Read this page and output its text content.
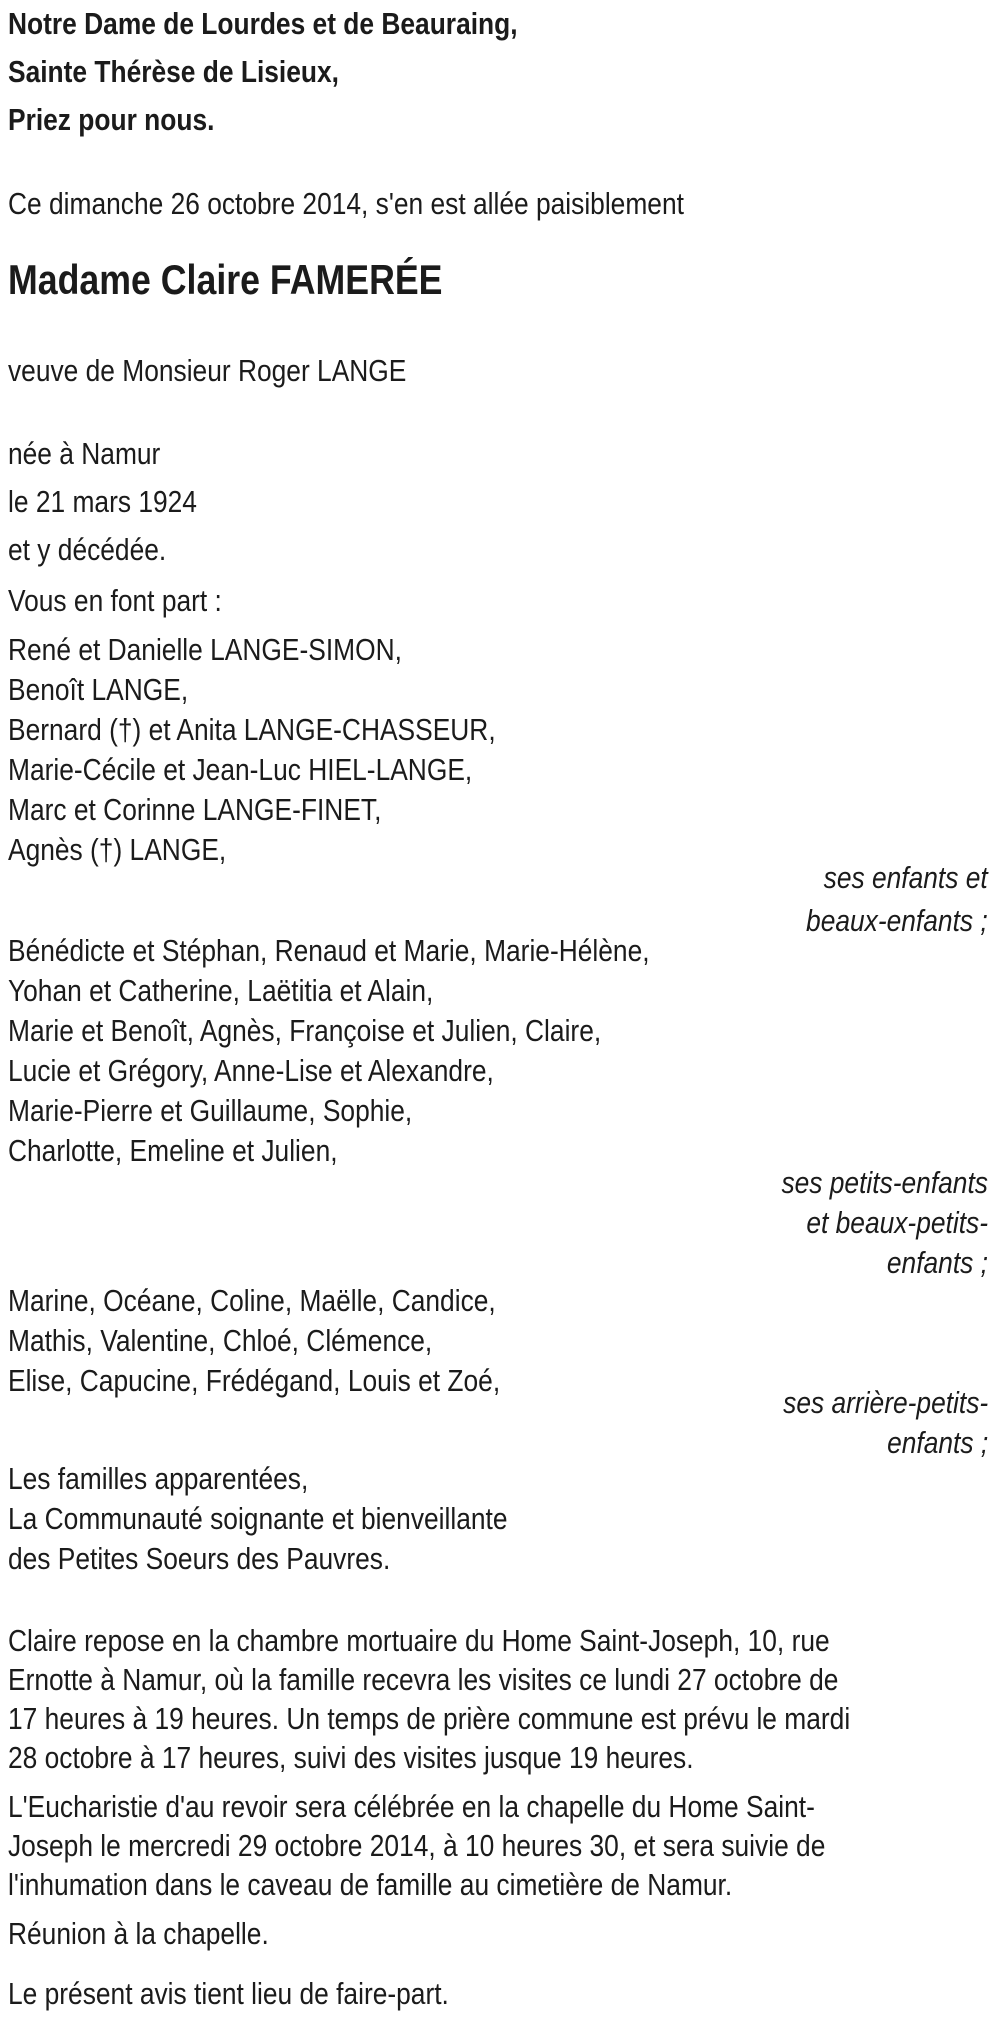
Notre Dame de Lourdes et de Beauraing,
Sainte Thérèse de Lisieux,
Priez pour nous.
Ce dimanche 26 octobre 2014, s'en est allée paisiblement
Madame Claire FAMERÉE
veuve de Monsieur Roger LANGE
née à Namur
le 21 mars 1924
et y décédée.
Vous en font part :
René et Danielle LANGE-SIMON,
Benoît LANGE,
Bernard (†) et Anita LANGE-CHASSEUR,
Marie-Cécile et Jean-Luc HIEL-LANGE,
Marc et Corinne LANGE-FINET,
Agnès (†) LANGE,
ses enfants et
beaux-enfants ;
Bénédicte et Stéphan, Renaud et Marie, Marie-Hélène,
Yohan et Catherine, Laëtitia et Alain,
Marie et Benoît, Agnès, Françoise et Julien, Claire,
Lucie et Grégory, Anne-Lise et Alexandre,
Marie-Pierre et Guillaume, Sophie,
Charlotte, Emeline et Julien,
ses petits-enfants
et beaux-petits-
enfants ;
Marine, Océane, Coline, Maëlle, Candice,
Mathis, Valentine, Chloé, Clémence,
Elise, Capucine, Frédégand, Louis et Zoé,
ses arrière-petits-
enfants ;
Les familles apparentées,
La Communauté soignante et bienveillante
des Petites Soeurs des Pauvres.
Claire repose en la chambre mortuaire du Home Saint-Joseph, 10, rue
Ernotte à Namur, où la famille recevra les visites ce lundi 27 octobre de
17 heures à 19 heures. Un temps de prière commune est prévu le mardi
28 octobre à 17 heures, suivi des visites jusque 19 heures.
L'Eucharistie d'au revoir sera célébrée en la chapelle du Home Saint-
Joseph le mercredi 29 octobre 2014, à 10 heures 30, et sera suivie de
l'inhumation dans le caveau de famille au cimetière de Namur.
Réunion à la chapelle.
Le présent avis tient lieu de faire-part.
